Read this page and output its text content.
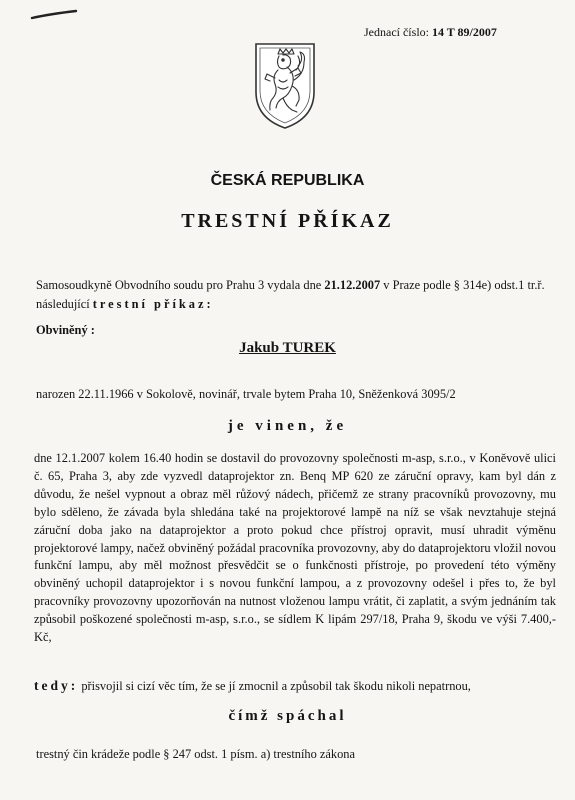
Jednací číslo: 14 T 89/2007
ČESKÁ REPUBLIKA
TRESTNÍ PŘÍKAZ
Samosoudkyně Obvodního soudu pro Prahu 3 vydala dne 21.12.2007 v Praze podle § 314e) odst.1 tr.ř. následující trestní příkaz:
Obviněný :
Jakub TUREK
narozen 22.11.1966 v Sokolově, novinář, trvale bytem Praha 10, Sněženková 3095/2
je vinen, že
dne 12.1.2007 kolem 16.40 hodin se dostavil do provozovny společnosti m-asp, s.r.o., v Koněvově ulici č. 65, Praha 3, aby zde vyzvedl dataprojektor zn. Benq MP 620 ze záruční opravy, kam byl dán z důvodu, že nešel vypnout a obraz měl růžový nádech, přičemž ze strany pracovníků provozovny, mu bylo sděleno, že závada byla shledána také na projektorové lampě na níž se však nevztahuje stejná záruční doba jako na dataprojektor a proto pokud chce přístroj opravit, musí uhradit výměnu projektorové lampy, načež obviněný požádal pracovníka provozovny, aby do dataprojektoru vložil novou funkční lampu, aby měl možnost přesvědčit se o funkčnosti přístroje, po provedení této výměny obviněný uchopil dataprojektor i s novou funkční lampou, a z provozovny odešel i přes to, že byl pracovníky provozovny upozorňován na nutnost vloženou lampu vrátit, či zaplatit, a svým jednáním tak způsobil poškozené společnosti m-asp, s.r.o., se sídlem K lipám 297/18, Praha 9, škodu ve výši 7.400,- Kč,
tedy: přisvojil si cizí věc tím, že se jí zmocnil a způsobil tak škodu nikoli nepatrnou,
čímž spáchal
trestný čin krádeže podle § 247 odst. 1 písm. a) trestního zákona
